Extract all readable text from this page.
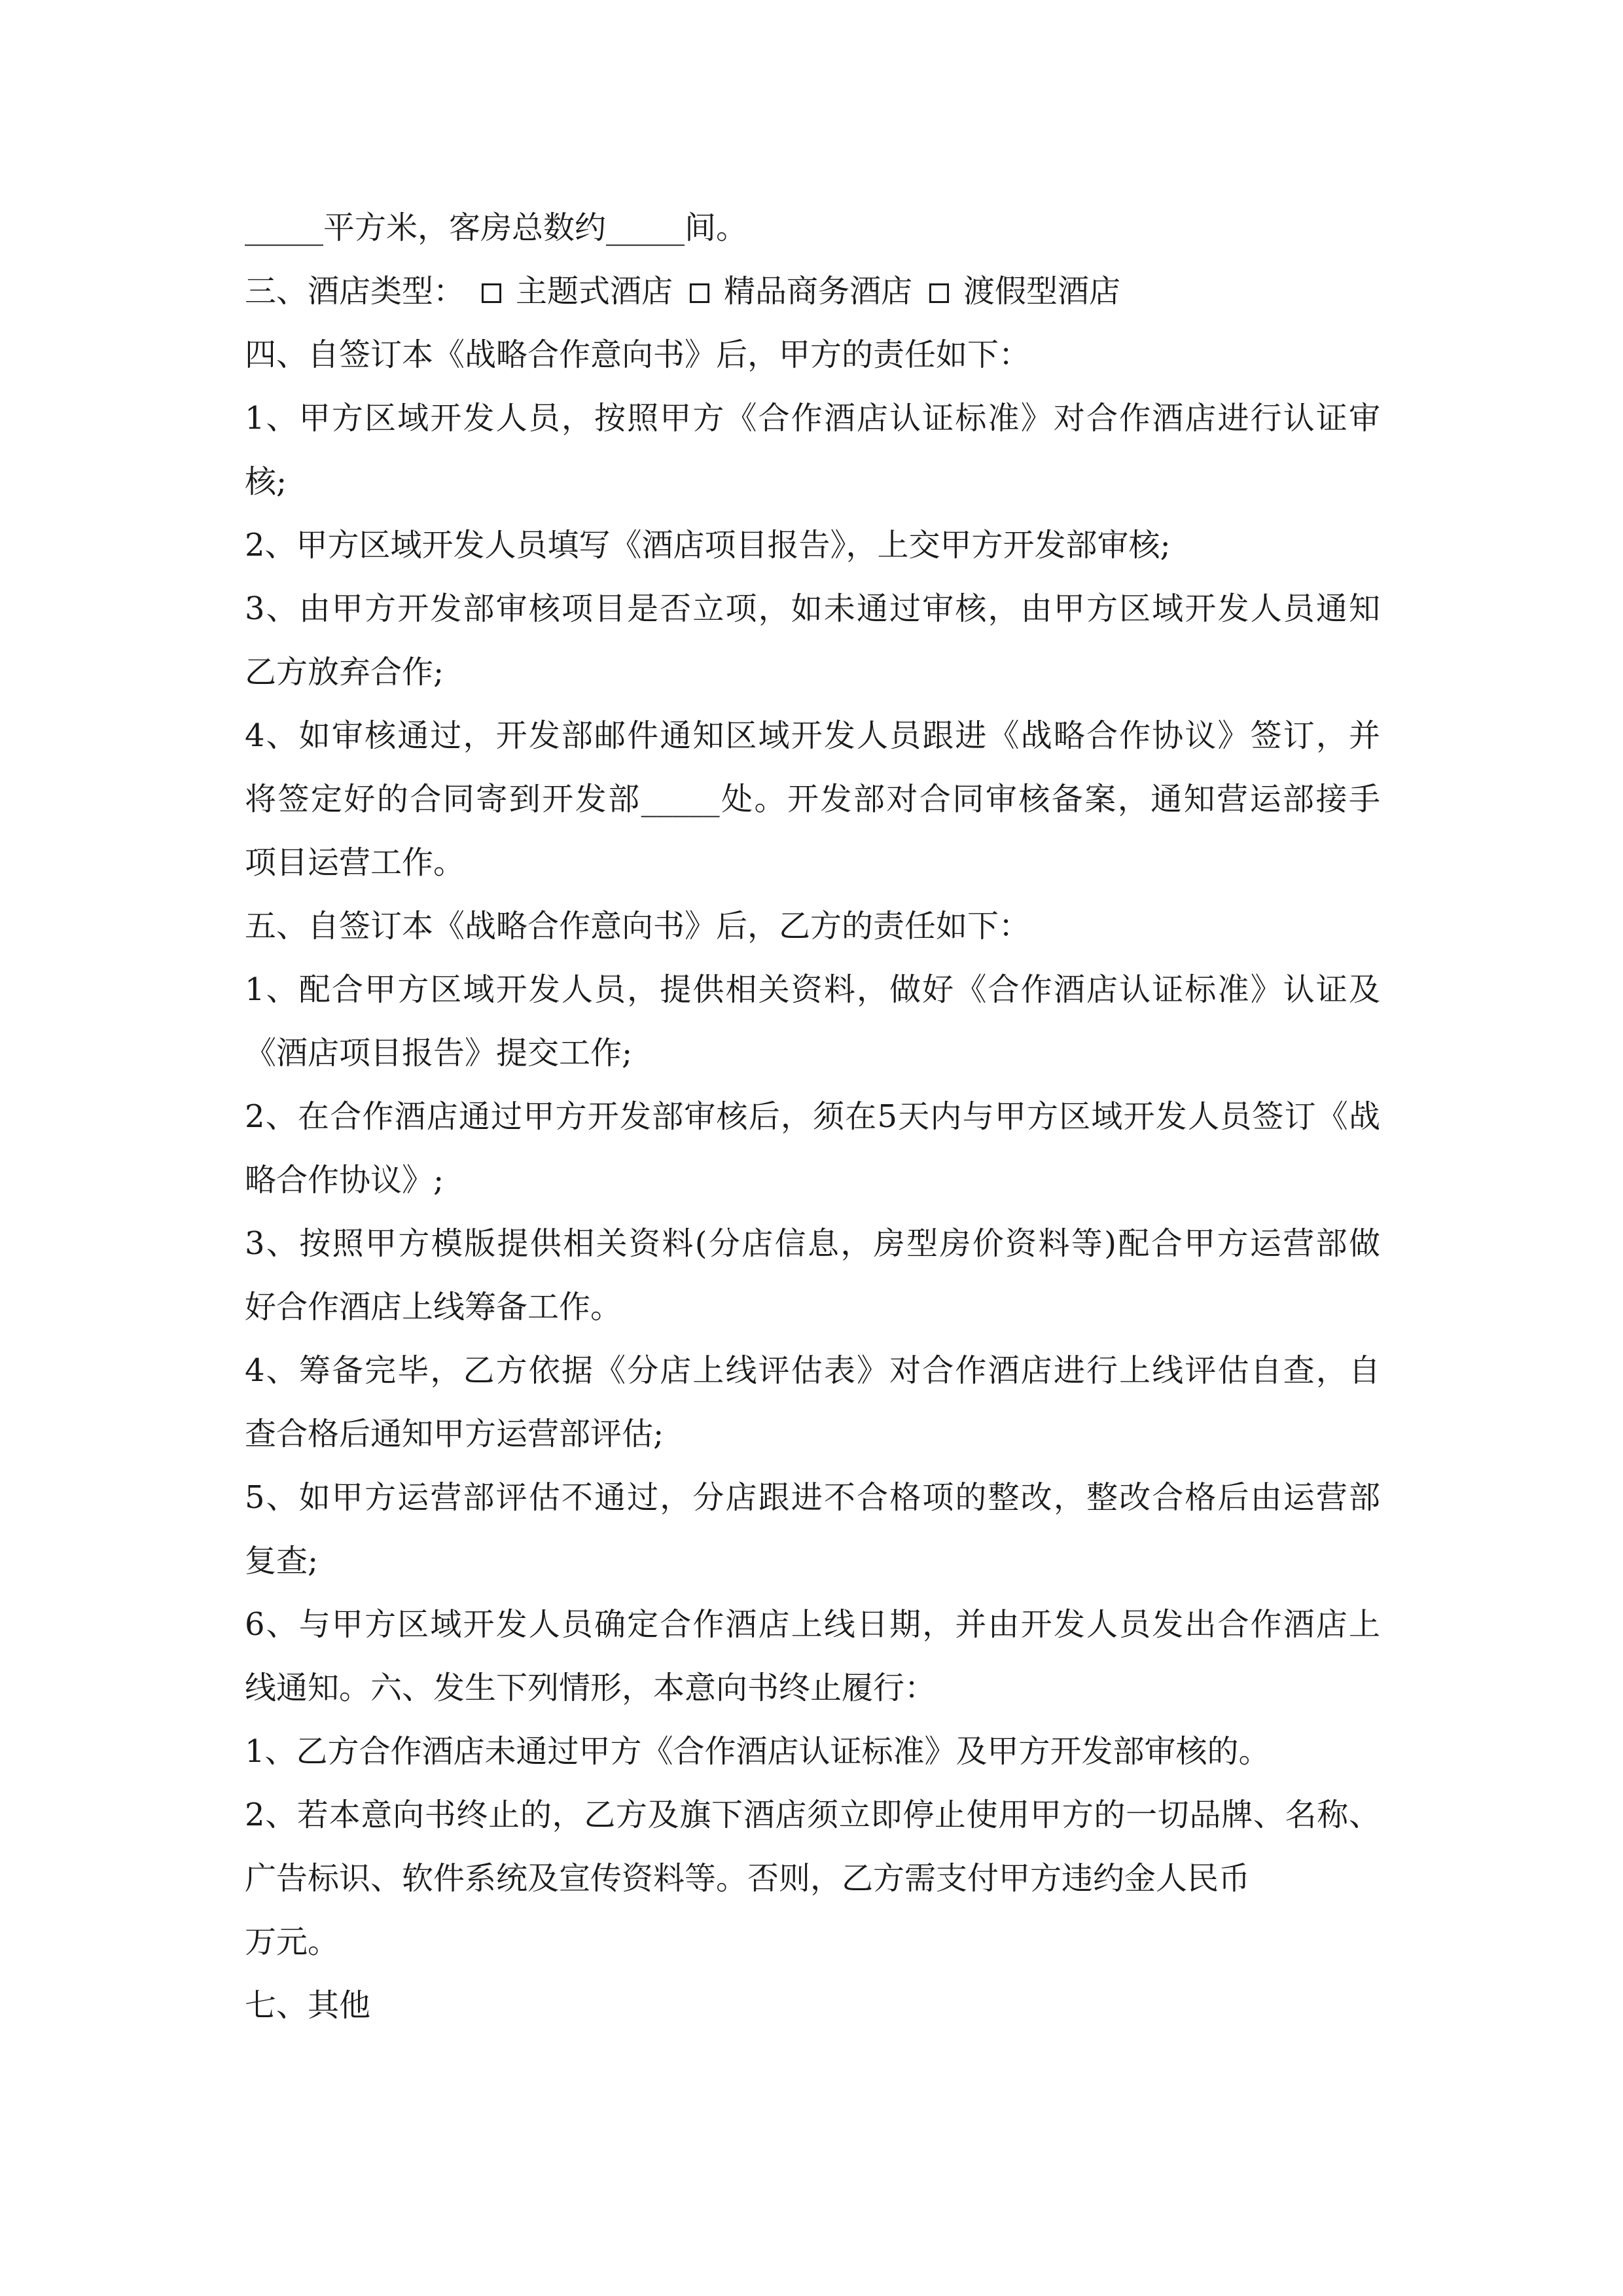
_____平方米，客房总数约_____间。
三、酒店类型： 主题式酒店 精品商务酒店 渡假型酒店
四、自签订本《战略合作意向书》后，甲方的责任如下：
1、甲方区域开发人员，按照甲方《合作酒店认证标准》对合作酒店进行认证审
核;
2、甲方区域开发人员填写《酒店项目报告》，上交甲方开发部审核;
3、由甲方开发部审核项目是否立项，如未通过审核，由甲方区域开发人员通知
乙方放弃合作;
4、如审核通过，开发部邮件通知区域开发人员跟进《战略合作协议》签订，并
将签定好的合同寄到开发部_____处。开发部对合同审核备案，通知营运部接手
项目运营工作。
五、自签订本《战略合作意向书》后，乙方的责任如下：
1、配合甲方区域开发人员，提供相关资料，做好《合作酒店认证标准》认证及
《酒店项目报告》提交工作;
2、在合作酒店通过甲方开发部审核后，须在5天内与甲方区域开发人员签订《战
略合作协议》;
3、按照甲方模版提供相关资料(分店信息，房型房价资料等)配合甲方运营部做
好合作酒店上线筹备工作。
4、筹备完毕，乙方依据《分店上线评估表》对合作酒店进行上线评估自查，自
查合格后通知甲方运营部评估;
5、如甲方运营部评估不通过，分店跟进不合格项的整改，整改合格后由运营部
复查;
6、与甲方区域开发人员确定合作酒店上线日期，并由开发人员发出合作酒店上
线通知。六、发生下列情形，本意向书终止履行：
1、乙方合作酒店未通过甲方《合作酒店认证标准》及甲方开发部审核的。
2、若本意向书终止的，乙方及旗下酒店须立即停止使用甲方的一切品牌、名称、
广告标识、软件系统及宣传资料等。否则，乙方需支付甲方违约金人民币
万元。
七、其他
